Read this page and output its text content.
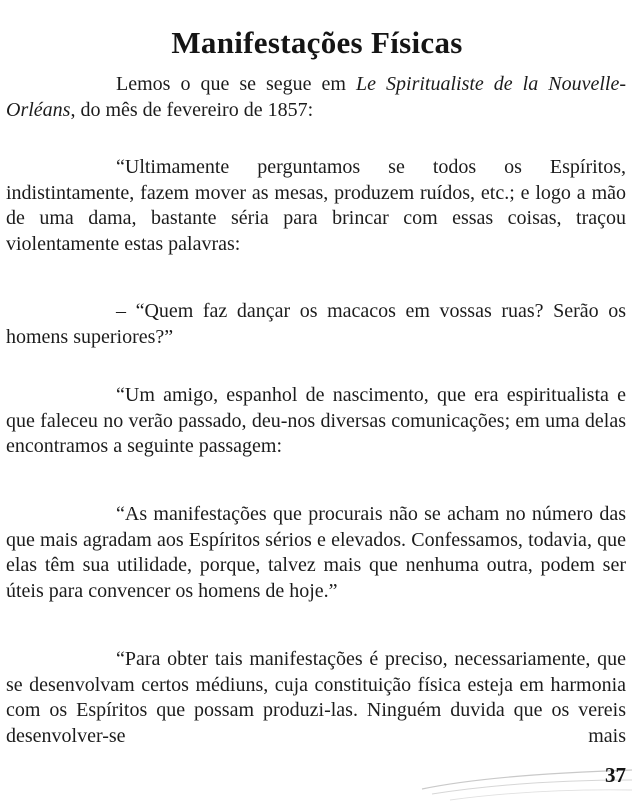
Manifestações Físicas

Lemos o que se segue em Le Spiritualiste de la Nouvelle-Orléans, do mês de fevereiro de 1857:

“Ultimamente perguntamos se todos os Espíritos, indistintamente, fazem mover as mesas, produzem ruídos, etc.; e logo a mão de uma dama, bastante séria para brincar com essas coisas, traçou violentamente estas palavras:

– “Quem faz dançar os macacos em vossas ruas? Serão os homens superiores?”

“Um amigo, espanhol de nascimento, que era espiritualista e que faleceu no verão passado, deu-nos diversas comunicações; em uma delas encontramos a seguinte passagem:

“As manifestações que procurais não se acham no número das que mais agradam aos Espíritos sérios e elevados. Confessamos, todavia, que elas têm sua utilidade, porque, talvez mais que nenhuma outra, podem ser úteis para convencer os homens de hoje.”

“Para obter tais manifestações é preciso, necessariamente, que se desenvolvam certos médiuns, cuja constituição física esteja em harmonia com os Espíritos que possam produzi-las. Ninguém duvida que os vereis desenvolver-se mais

37
